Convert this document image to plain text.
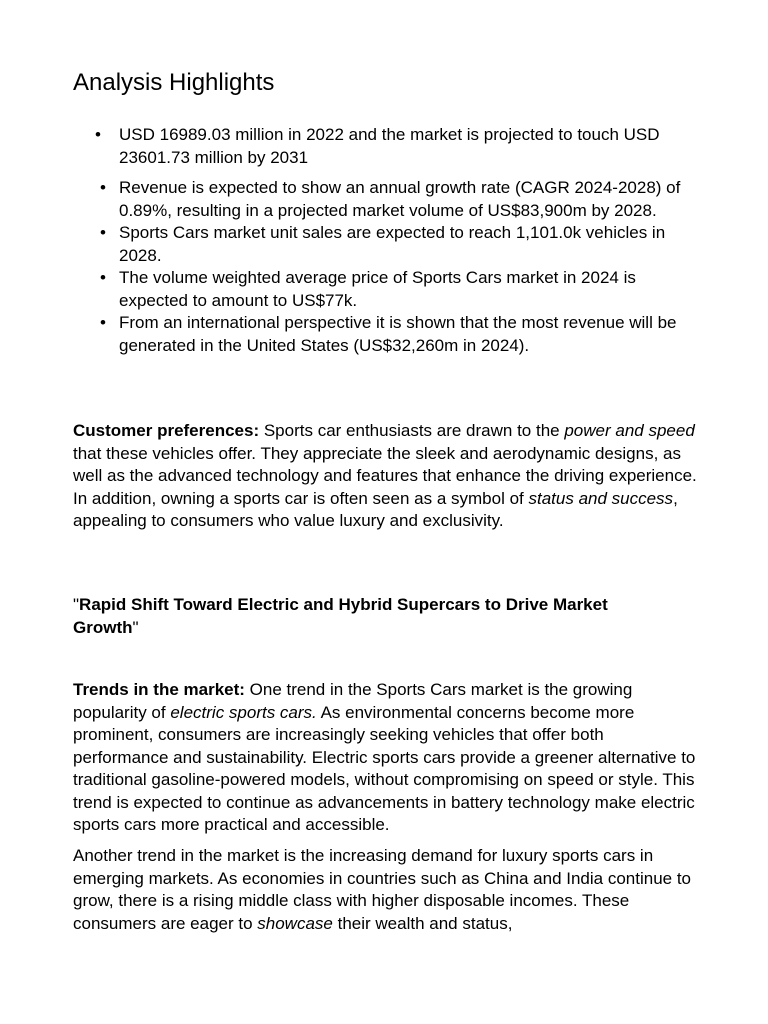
Analysis Highlights
•	USD 16989.03 million in 2022 and the market is projected to touch USD 23601.73 million by 2031
• Revenue is expected to show an annual growth rate (CAGR 2024-2028) of 0.89%, resulting in a projected market volume of US$83,900m by 2028.
• Sports Cars market unit sales are expected to reach 1,101.0k vehicles in 2028.
• The volume weighted average price of Sports Cars market in 2024 is expected to amount to US$77k.
• From an international perspective it is shown that the most revenue will be generated in the United States (US$32,260m in 2024).

Customer preferences: Sports car enthusiasts are drawn to the power and speed that these vehicles offer. They appreciate the sleek and aerodynamic designs, as well as the advanced technology and features that enhance the driving experience. In addition, owning a sports car is often seen as a symbol of status and success, appealing to consumers who value luxury and exclusivity.

"Rapid Shift Toward Electric and Hybrid Supercars to Drive Market Growth"

Trends in the market: One trend in the Sports Cars market is the growing popularity of electric sports cars. As environmental concerns become more prominent, consumers are increasingly seeking vehicles that offer both performance and sustainability. Electric sports cars provide a greener alternative to traditional gasoline-powered models, without compromising on speed or style. This trend is expected to continue as advancements in battery technology make electric sports cars more practical and accessible.

Another trend in the market is the increasing demand for luxury sports cars in emerging markets. As economies in countries such as China and India continue to grow, there is a rising middle class with higher disposable incomes. These consumers are eager to showcase their wealth and status,
